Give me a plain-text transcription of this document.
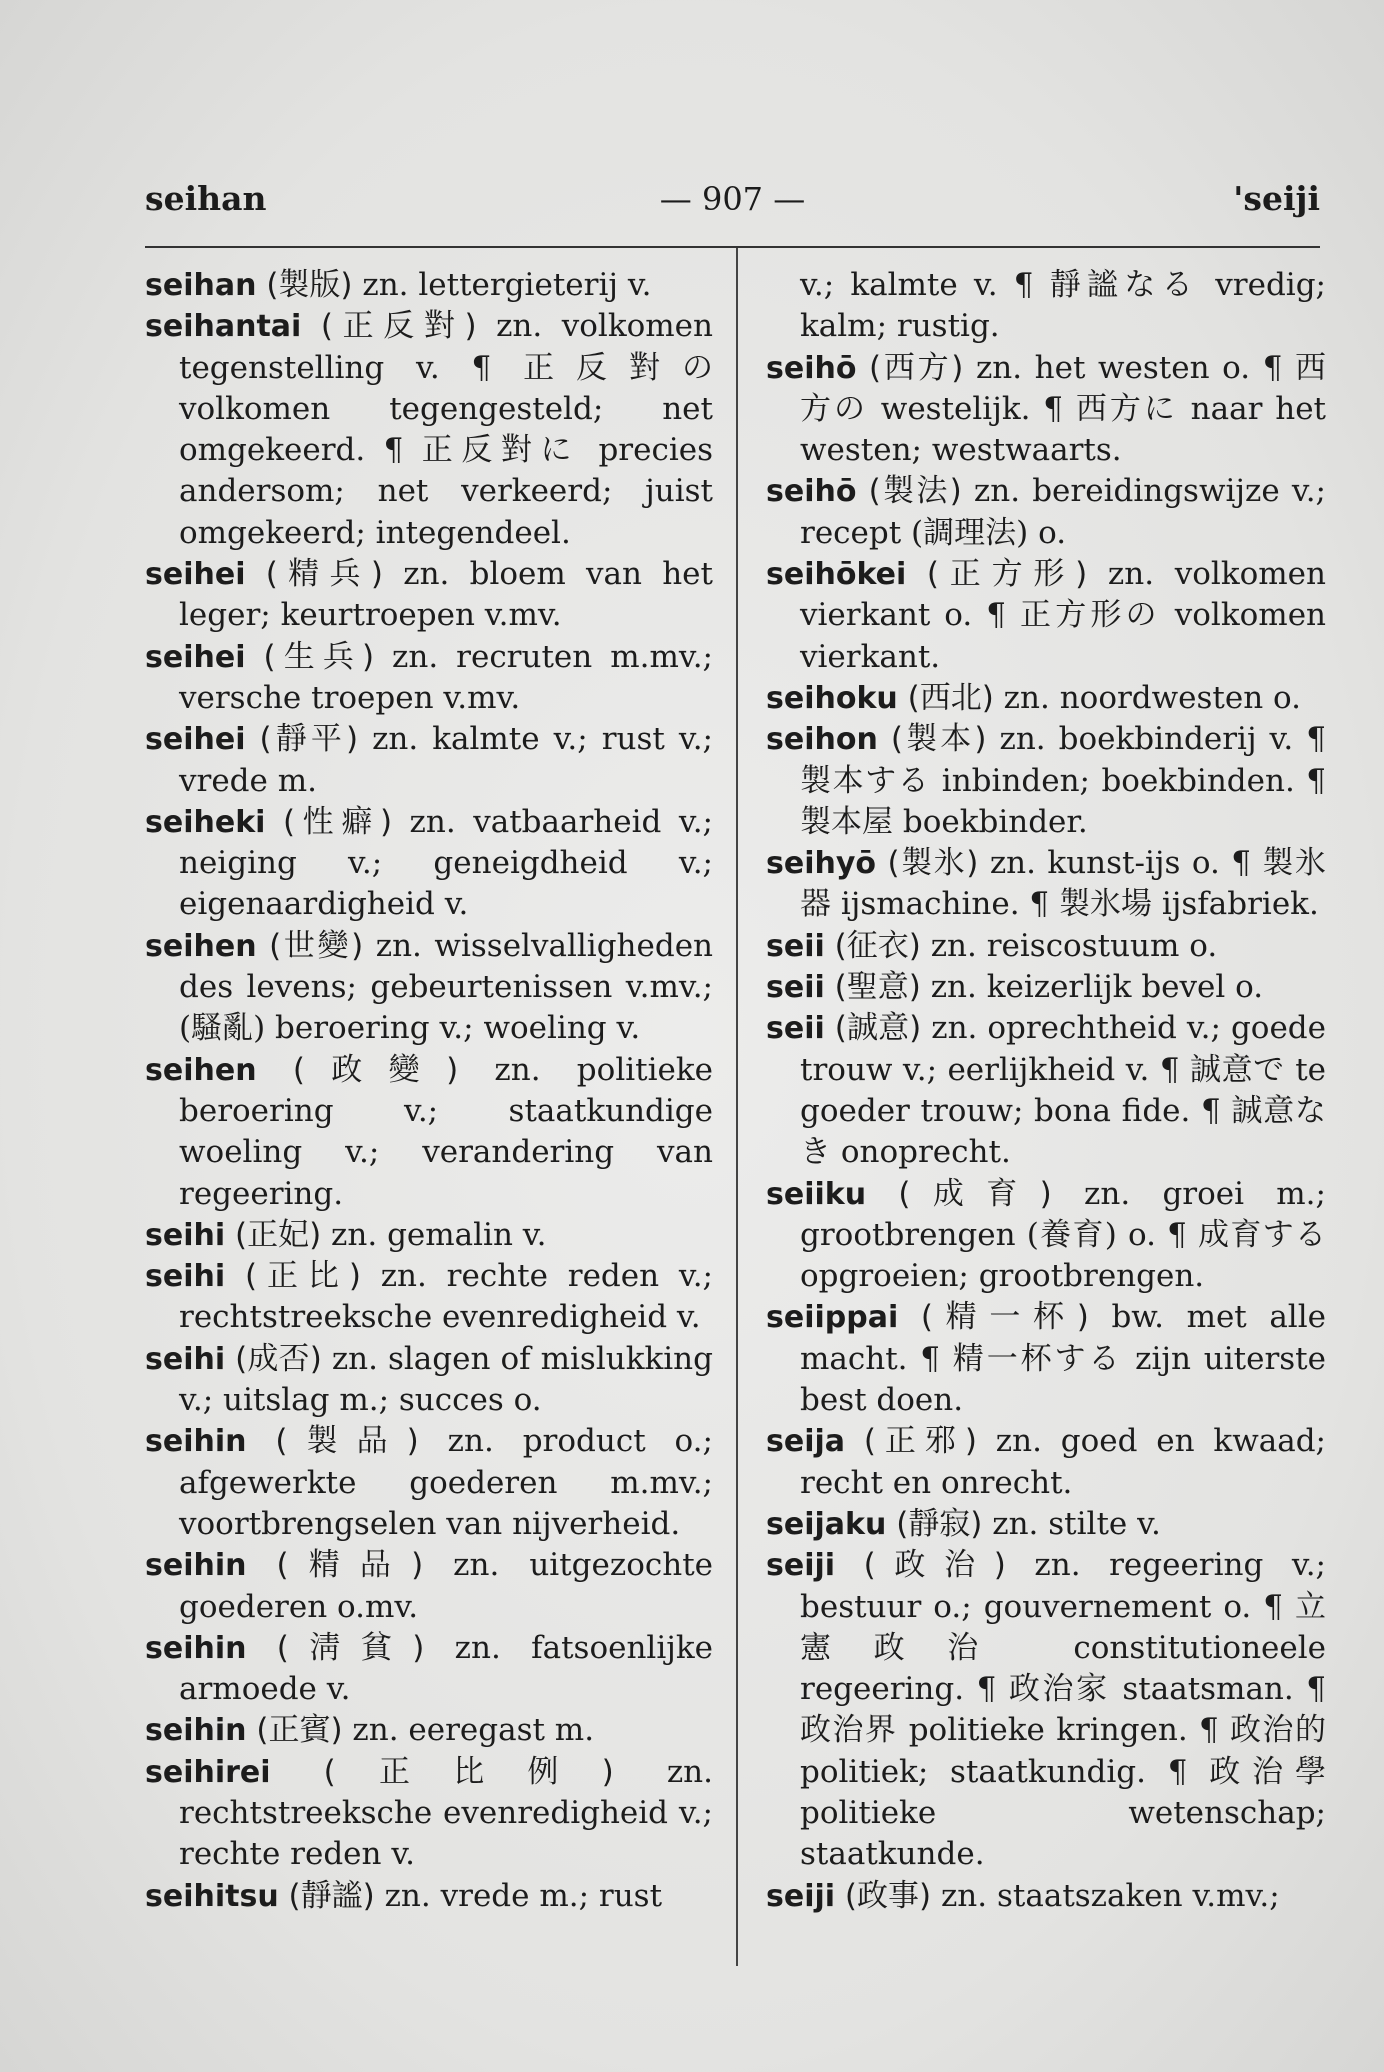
seihan	— 907 —	'seiji

seihan (製版) zn. lettergieterij v.

seihantai (正反對) zn. volkomen tegenstelling v. ¶ 正反對の volkomen tegengesteld; net omgekeerd. ¶ 正反對に precies andersom; net verkeerd; juist omgekeerd; integendeel.

seihei (精兵) zn. bloem van het leger; keurtroepen v.mv.

seihei (生兵) zn. recruten m.mv.; versche troepen v.mv.

seihei (靜平) zn. kalmte v.; rust v.; vrede m.

seiheki (性癖) zn. vatbaarheid v.; neiging v.; geneigdheid v.; eigenaardigheid v.

seihen (世變) zn. wisselvalligheden des levens; gebeurtenissen v.mv.; (騷亂) beroering v.; woeling v.

seihen (政變) zn. politieke beroering v.; staatkundige woeling v.; verandering van regeering.

seihi (正妃) zn. gemalin v.

seihi (正比) zn. rechte reden v.; rechtstreeksche evenredigheid v.

seihi (成否) zn. slagen of mislukking v.; uitslag m.; succes o.

seihin (製品) zn. product o.; afgewerkte goederen m.mv.; voortbrengselen van nijverheid.

seihin (精品) zn. uitgezochte goederen o.mv.

seihin (淸貧) zn. fatsoenlijke armoede v.

seihin (正賓) zn. eeregast m.

seihirei (正比例) zn. rechtstreeksche evenredigheid v.; rechte reden v.

seihitsu (靜謐) zn. vrede m.; rust

v.; kalmte v. ¶ 靜謐なる vredig; kalm; rustig.

seihō (西方) zn. het westen o. ¶ 西方の westelijk. ¶ 西方に naar het westen; westwaarts.

seihō (製法) zn. bereidingswijze v.; recept (調理法) o.

seihōkei (正方形) zn. volkomen vierkant o. ¶ 正方形の volkomen vierkant.

seihoku (西北) zn. noordwesten o.

seihon (製本) zn. boekbinderij v. ¶ 製本する inbinden; boekbinden. ¶ 製本屋 boekbinder.

seihyō (製氷) zn. kunst-ijs o. ¶ 製氷器 ijsmachine. ¶ 製氷場 ijsfabriek.

seii (征衣) zn. reiscostuum o.

seii (聖意) zn. keizerlijk bevel o.

seii (誠意) zn. oprechtheid v.; goede trouw v.; eerlijkheid v. ¶ 誠意で te goeder trouw; bona fide. ¶ 誠意なき onoprecht.

seiiku (成育) zn. groei m.; grootbrengen (養育) o. ¶ 成育する opgroeien; grootbrengen.

seiippai (精一杯) bw. met alle macht. ¶ 精一杯する zijn uiterste best doen.

seija (正邪) zn. goed en kwaad; recht en onrecht.

seijaku (靜寂) zn. stilte v.

seiji (政治) zn. regeering v.; bestuur o.; gouvernement o. ¶ 立憲政治 constitutioneele regeering. ¶ 政治家 staatsman. ¶ 政治界 politieke kringen. ¶ 政治的 politiek; staatkundig. ¶ 政治學 politieke wetenschap; staatkunde.

seiji (政事) zn. staatszaken v.mv.;
